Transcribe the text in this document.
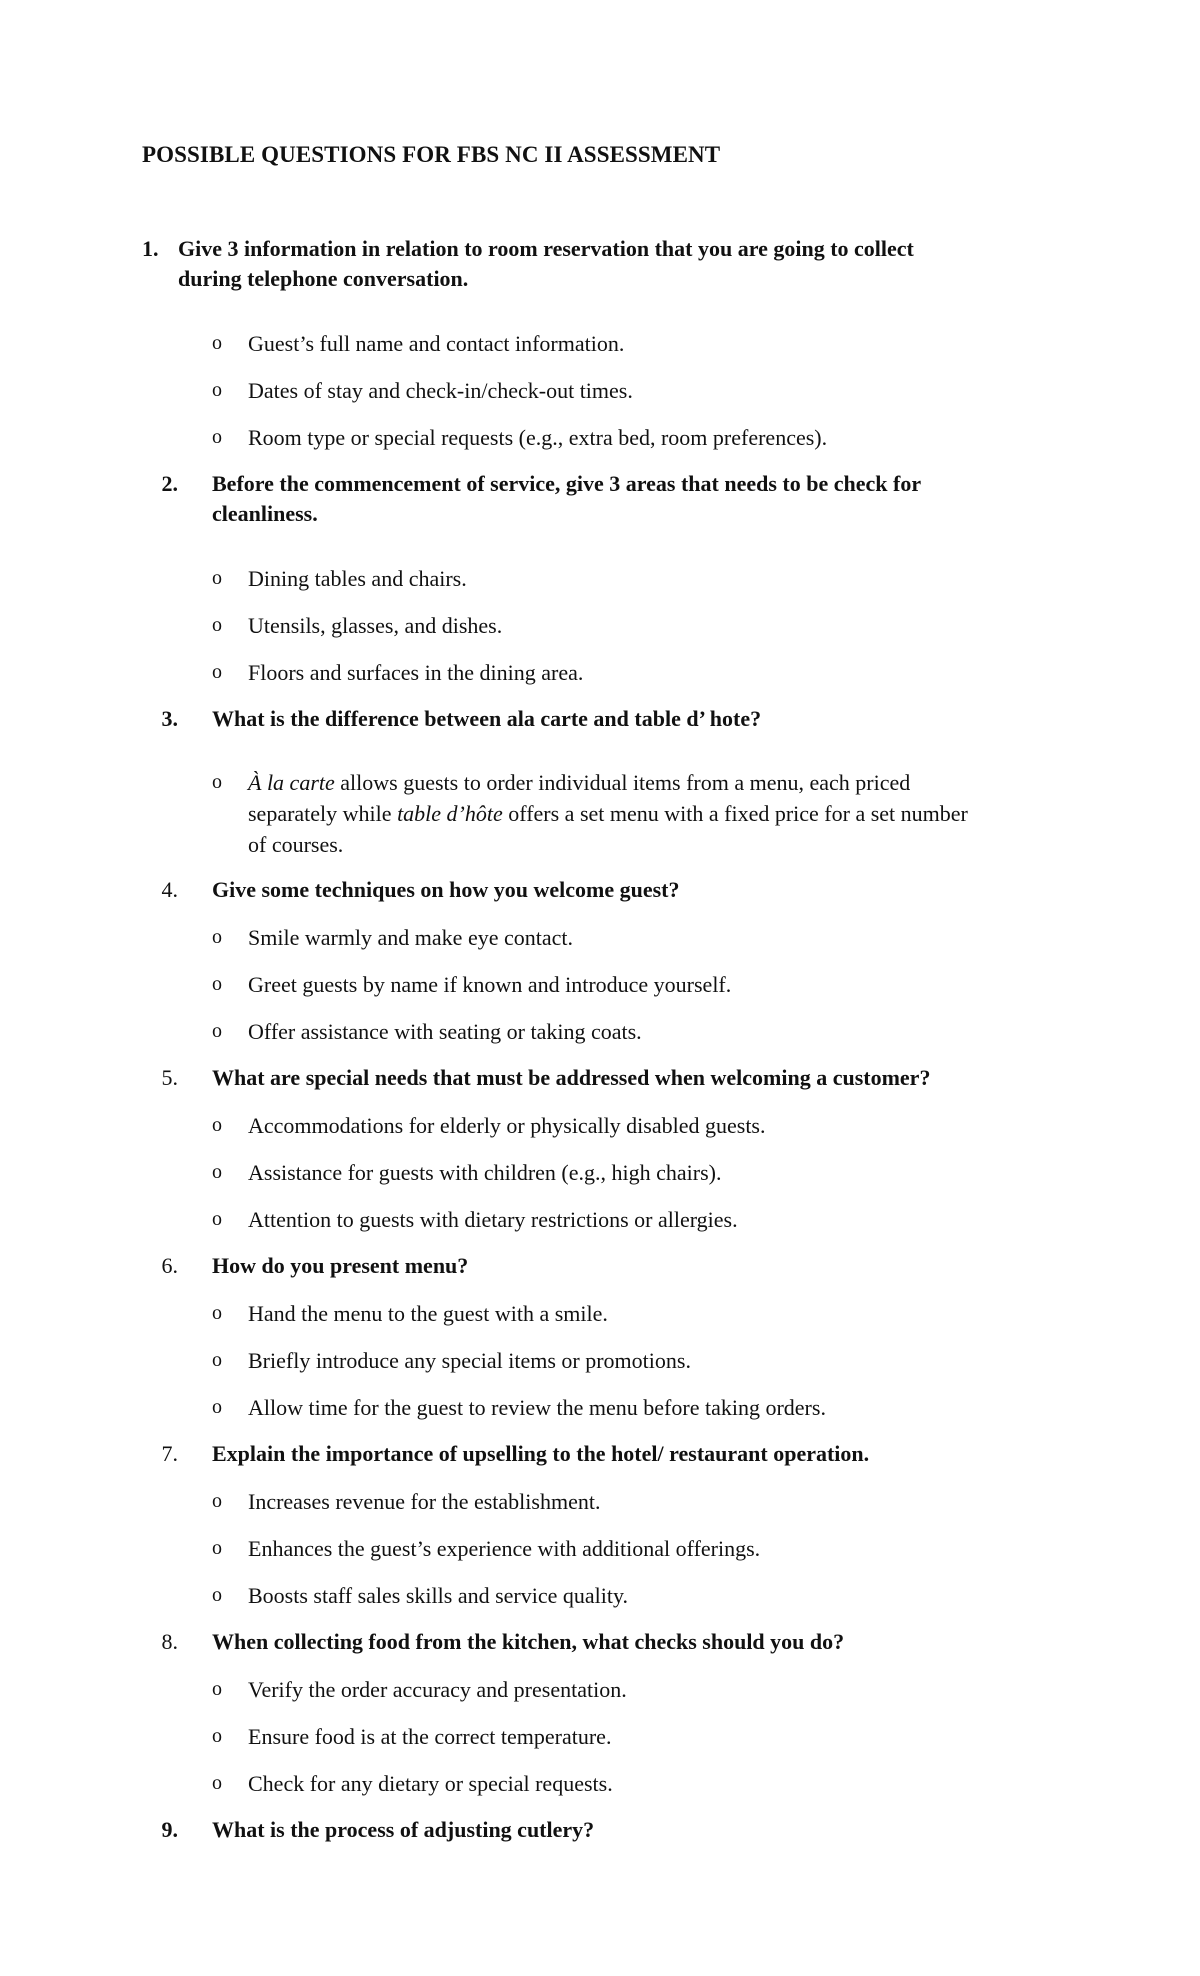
POSSIBLE QUESTIONS FOR FBS NC II ASSESSMENT
1. Give 3 information in relation to room reservation that you are going to collect
during telephone conversation.
o Guest’s full name and contact information.
o Dates of stay and check-in/check-out times.
o Room type or special requests (e.g., extra bed, room preferences).
2. Before the commencement of service, give 3 areas that needs to be check for
cleanliness.
o Dining tables and chairs.
o Utensils, glasses, and dishes.
o Floors and surfaces in the dining area.
3. What is the difference between ala carte and table d’ hote?
o À la carte allows guests to order individual items from a menu, each priced
separately while table d’hôte offers a set menu with a fixed price for a set number
of courses.
4. Give some techniques on how you welcome guest?
o Smile warmly and make eye contact.
o Greet guests by name if known and introduce yourself.
o Offer assistance with seating or taking coats.
5. What are special needs that must be addressed when welcoming a customer?
o Accommodations for elderly or physically disabled guests.
o Assistance for guests with children (e.g., high chairs).
o Attention to guests with dietary restrictions or allergies.
6. How do you present menu?
o Hand the menu to the guest with a smile.
o Briefly introduce any special items or promotions.
o Allow time for the guest to review the menu before taking orders.
7. Explain the importance of upselling to the hotel/ restaurant operation.
o Increases revenue for the establishment.
o Enhances the guest’s experience with additional offerings.
o Boosts staff sales skills and service quality.
8. When collecting food from the kitchen, what checks should you do?
o Verify the order accuracy and presentation.
o Ensure food is at the correct temperature.
o Check for any dietary or special requests.
9. What is the process of adjusting cutlery?
